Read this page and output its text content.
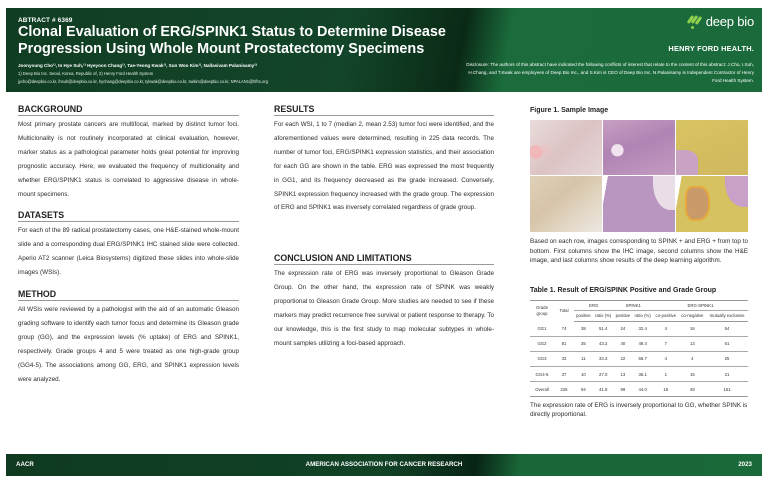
ABTRACT # 6369
Clonal Evaluation of ERG/SPINK1 Status to Determine Disease Progression Using Whole Mount Prostatectomy Specimens
Joonyoung Cho¹⁾, In Hye Suh,¹⁾ Hyeyoon Chang¹⁾, Tae-Yeong Kwak¹⁾, Sun Woo Kim¹⁾, Nallasivam Palanisamy²⁾
1) Deep Bio Inc. Seoul, Korea, Republic of, 2) Henry Ford Health System
jycho@deepbio.co.kr, ihsuh@deepbio.co.kr, hychang@deepbio.co.kr, tykwak@deepbio.co.kr, swkim@deepbio.co.kr, NPALAN1@hfhs.org
deep bio
HENRY FORD HEALTH.
Disclosure: The authors of this abstract have indicated the following conflicts of interest that relate to the content of this abstract: J.Cho, I.Suh, H.Chang, and T.Kwak are employees of Deep Bio Inc., and S.Kim is CEO of Deep Bio Inc. N.Palanisamy is Independent Contractor of Henry Ford Health System.
BACKGROUND
Most primary prostate cancers are multifocal, marked by distinct tumor foci. Multiclonality is not routinely incorporated at clinical evaluation, however, marker status as a pathological parameter holds great potential for improving prognostic accuracy. Here, we evaluated the frequency of multiclonality and whether ERG/SPINK1 status is correlated to aggressive disease in whole-mount specimens.
DATASETS
For each of the 89 radical prostatectomy cases, one H&E-stained whole-mount slide and a corresponding dual ERG/SPINK1 IHC stained slide were collected. Aperio AT2 scanner (Leica Biosystems) digitized these slides into whole-slide images (WSIs).
METHOD
All WSIs were reviewed by a pathologist with the aid of an automatic Gleason grading software to identify each tumor focus and determine its Gleason grade group (GG), and the expression levels (% uptake) of ERG and SPINK1, respectively. Grade groups 4 and 5 were treated as one high-grade group (GG4-5). The associations among GG, ERG, and SPINK1 expression levels were analyzed.
RESULTS
For each WSI, 1 to 7 (median 2, mean 2.53) tumor foci were identified, and the aforementioned values were determined, resulting in 225 data records. The number of tumor foci, ERG/SPINK1 expression statistics, and their association for each GG are shown in the table. ERG was expressed the most frequently in GG1, and its frequency decreased as the grade increased. Conversely, SPINK1 expression frequency increased with the grade group. The expression of ERG and SPINK1 was inversely correlated regardless of grade group.
CONCLUSION AND LIMITATIONS
The expression rate of ERG was inversely proportional to Gleason Grade Group. On the other hand, the expression rate of SPINK was weakly proportional to Gleason Grade Group. More studies are needed to see if these markers may predict recurrence free survival or patient response to therapy. To our knowledge, this is the first study to map molecular subtypes in whole-mount samples utilizing a foci-based approach.
Figure 1. Sample Image
Based on each row, images corresponding to SPINK + and ERG + from top to bottom. First columns show the IHC image, second columns show the H&E image, and last columns show results of the deep learning algorithm.
Table 1. Result of ERG/SPINK Positive and Grade Group
Grade group	Total	ERG		SPINK1		ERG-SPINK1		
		positive	ratio (%)	positive	ratio (%)	co-positive	co-negative	mutually exclusive
GG1	74	38	51.4	24	32.4	4	16	54
GG2	81	35	43.2	40	49.4	7	13	61
GG3	33	11	33.3	22	66.7	4	4	25
GG4-5	37	10	27.0	13	35.1	1	15	21
Overall	225	94	41.8	99	44.0	16	48	161
The expression rate of ERG is inversely proportional to GG, whether SPINK is directly proportional.
AACR	AMERICAN ASSOCIATION FOR CANCER RESEARCH	2023
